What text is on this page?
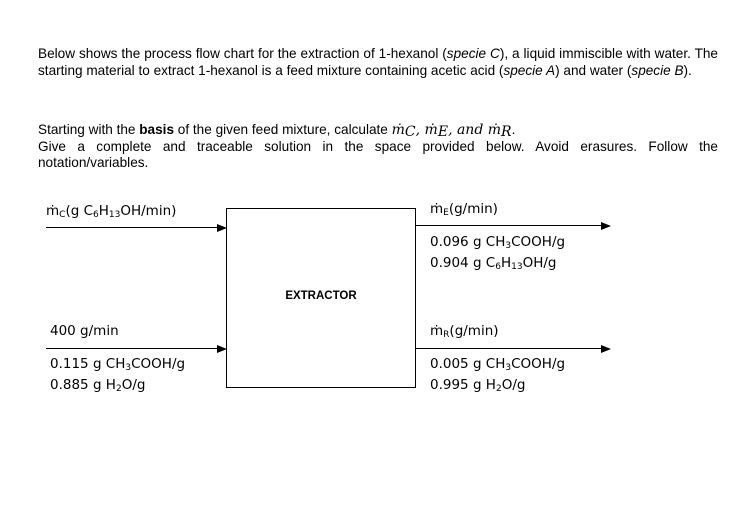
Below shows the process flow chart for the extraction of 1-hexanol (specie C), a liquid immiscible with water. The starting material to extract 1-hexanol is a feed mixture containing acetic acid (specie A) and water (specie B).
Starting with the basis of the given feed mixture, calculate ṁ$_C$, ṁ$_E$, and ṁ$_R$.
Give a complete and traceable solution in the space provided below. Avoid erasures. Follow the notation/variables.
EXTRACTOR
ṁ$_C$(g $C_6H_{13}OH/\min$)	ṁ$_E$(g/min)
0.096 g $CH_3COOH/g$
0.904 g $C_6H_{13}OH/g$
400 g/min
0.115 g $CH_3COOH/g$
0.885 g $H_2O/g$
ṁ$_R$(g/min)
0.005 g $CH_3COOH/g$
0.995 g $H_2O/g$
